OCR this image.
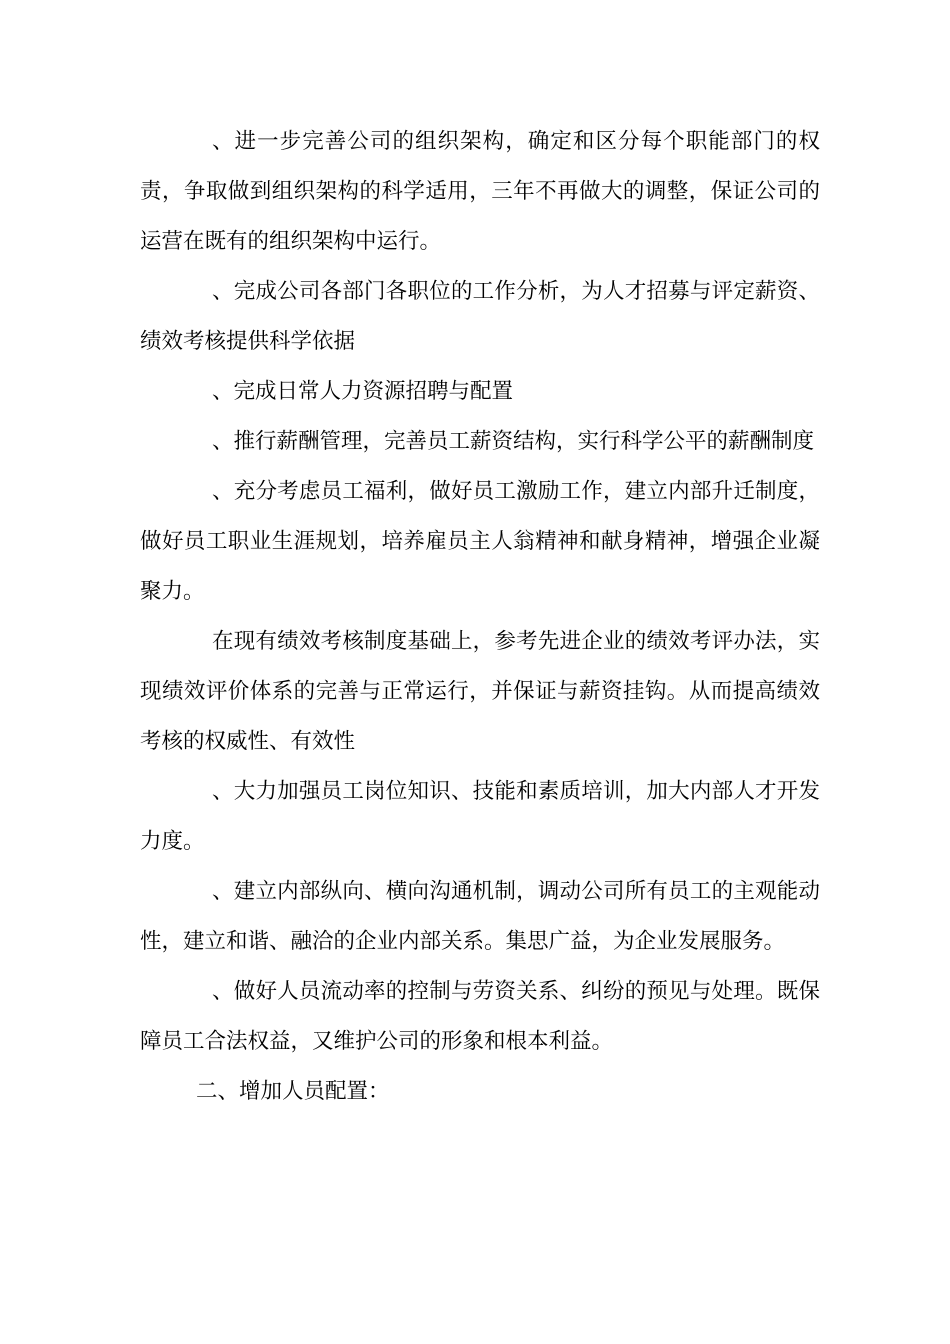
、进一步完善公司的组织架构，确定和区分每个职能部门的权责，争取做到组织架构的科学适用，三年不再做大的调整，保证公司的运营在既有的组织架构中运行。

、完成公司各部门各职位的工作分析，为人才招募与评定薪资、绩效考核提供科学依据

、完成日常人力资源招聘与配置

、推行薪酬管理，完善员工薪资结构，实行科学公平的薪酬制度

、充分考虑员工福利，做好员工激励工作，建立内部升迁制度，做好员工职业生涯规划，培养雇员主人翁精神和献身精神，增强企业凝聚力。

在现有绩效考核制度基础上，参考先进企业的绩效考评办法，实现绩效评价体系的完善与正常运行，并保证与薪资挂钩。从而提高绩效考核的权威性、有效性

、大力加强员工岗位知识、技能和素质培训，加大内部人才开发力度。

、建立内部纵向、横向沟通机制，调动公司所有员工的主观能动性，建立和谐、融洽的企业内部关系。集思广益，为企业发展服务。

、做好人员流动率的控制与劳资关系、纠纷的预见与处理。既保障员工合法权益，又维护公司的形象和根本利益。

二、增加人员配置：
